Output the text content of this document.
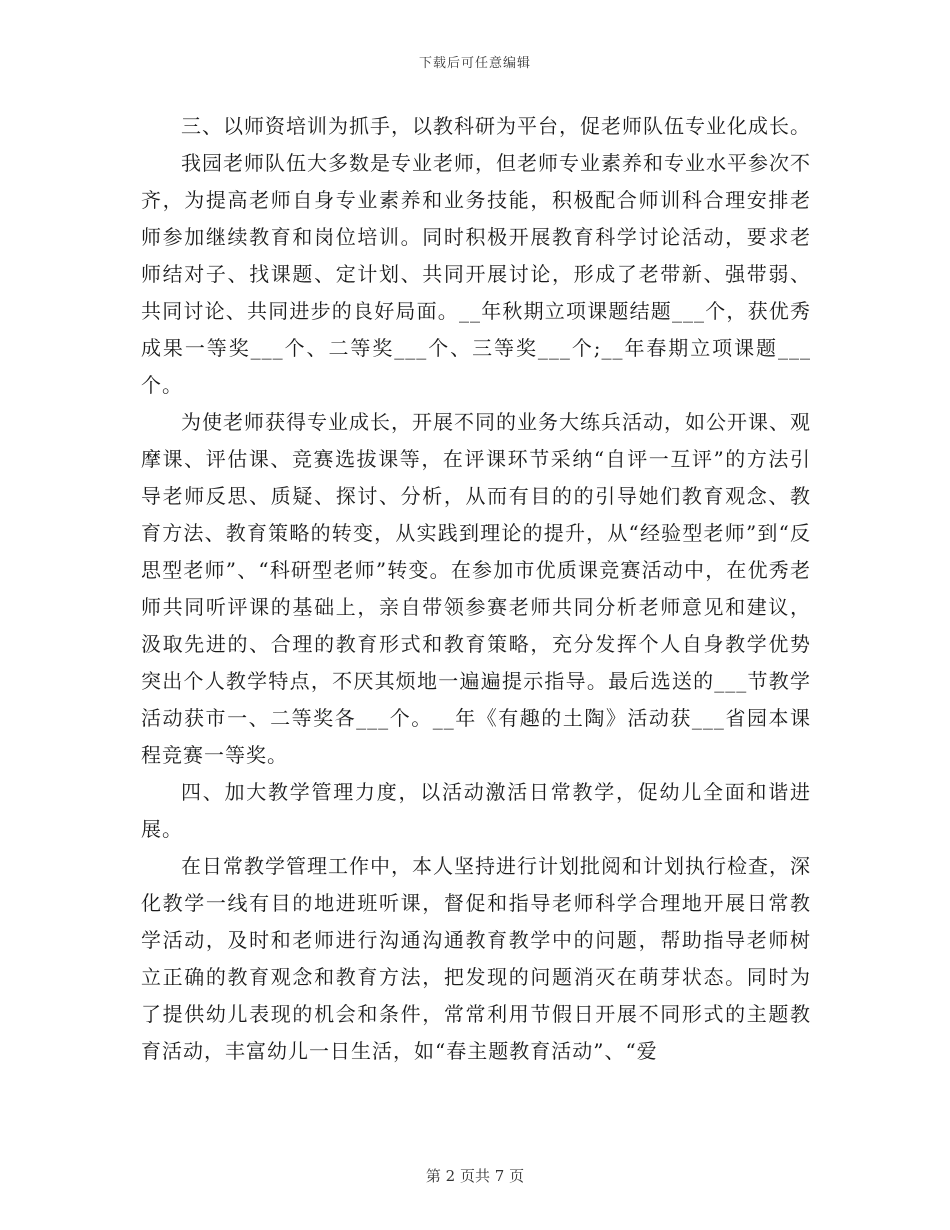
下载后可任意编辑

三、以师资培训为抓手，以教科研为平台，促老师队伍专业化成长。

我园老师队伍大多数是专业老师，但老师专业素养和专业水平参次不齐，为提高老师自身专业素养和业务技能，积极配合师训科合理安排老师参加继续教育和岗位培训。同时积极开展教育科学讨论活动，要求老师结对子、找课题、定计划、共同开展讨论，形成了老带新、强带弱、共同讨论、共同进步的良好局面。__年秋期立项课题结题___个，获优秀成果一等奖___个、二等奖___个、三等奖___个;__年春期立项课题___个。

为使老师获得专业成长，开展不同的业务大练兵活动，如公开课、观摩课、评估课、竞赛选拔课等，在评课环节采纳“自评一互评”的方法引导老师反思、质疑、探讨、分析，从而有目的的引导她们教育观念、教育方法、教育策略的转变，从实践到理论的提升，从“经验型老师”到“反思型老师”、“科研型老师”转变。在参加市优质课竞赛活动中，在优秀老师共同听评课的基础上，亲自带领参赛老师共同分析老师意见和建议，汲取先进的、合理的教育形式和教育策略，充分发挥个人自身教学优势突出个人教学特点，不厌其烦地一遍遍提示指导。最后选送的___节教学活动获市一、二等奖各___个。__年《有趣的土陶》活动获___省园本课程竞赛一等奖。

四、加大教学管理力度，以活动激活日常教学，促幼儿全面和谐进展。

在日常教学管理工作中，本人坚持进行计划批阅和计划执行检查，深化教学一线有目的地进班听课，督促和指导老师科学合理地开展日常教学活动，及时和老师进行沟通沟通教育教学中的问题，帮助指导老师树立正确的教育观念和教育方法，把发现的问题消灭在萌芽状态。同时为了提供幼儿表现的机会和条件，常常利用节假日开展不同形式的主题教育活动，丰富幼儿一日生活，如“春主题教育活动”、“爱

第 2 页共 7 页
